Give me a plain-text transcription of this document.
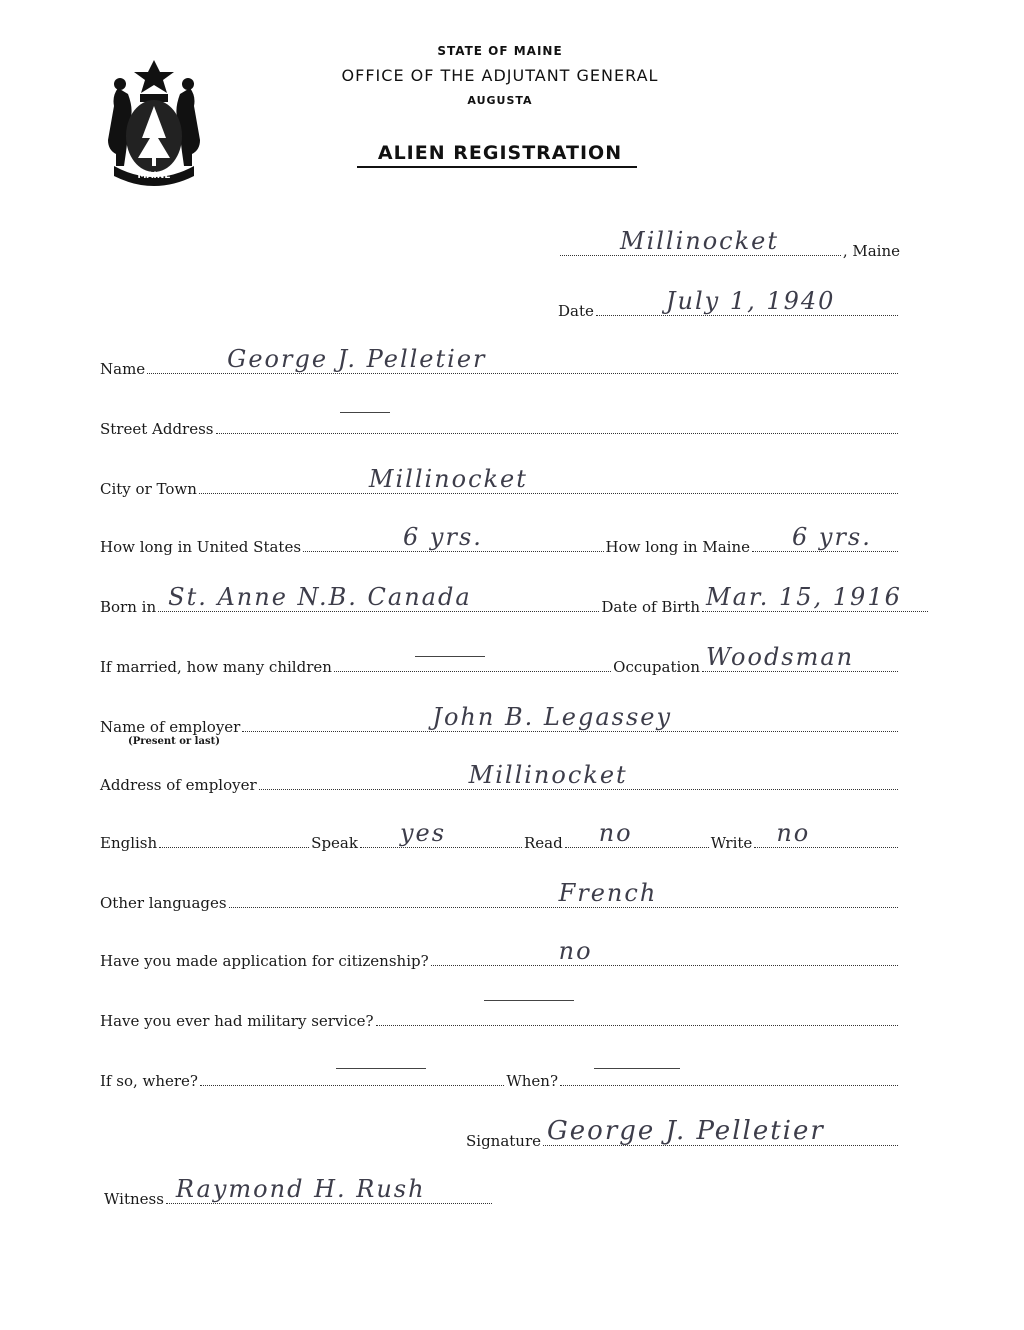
MAINE
STATE OF MAINE
OFFICE OF THE ADJUTANT GENERAL
AUGUSTA
ALIEN REGISTRATION
Millinocket	, Maine
Date	July 1, 1940
Name	George J. Pelletier
Street Address
City or Town	Millinocket
How long in United States	6 yrs.	How long in Maine 6 yrs.
Born in St. Anne N.B. Canada	Date of Birth Mar. 15, 1916
If married, how many children	Occupation Woodsman
Name of employer	John B. Legassey
(Present or last)
Address of employer	Millinocket
English	Speak yes	Read no	Write no
Other languages	French
Have you made application for citizenship?	no
Have you ever had military service?
If so, where?	When?
Signature George J. Pelletier
Witness Raymond H. Rush
